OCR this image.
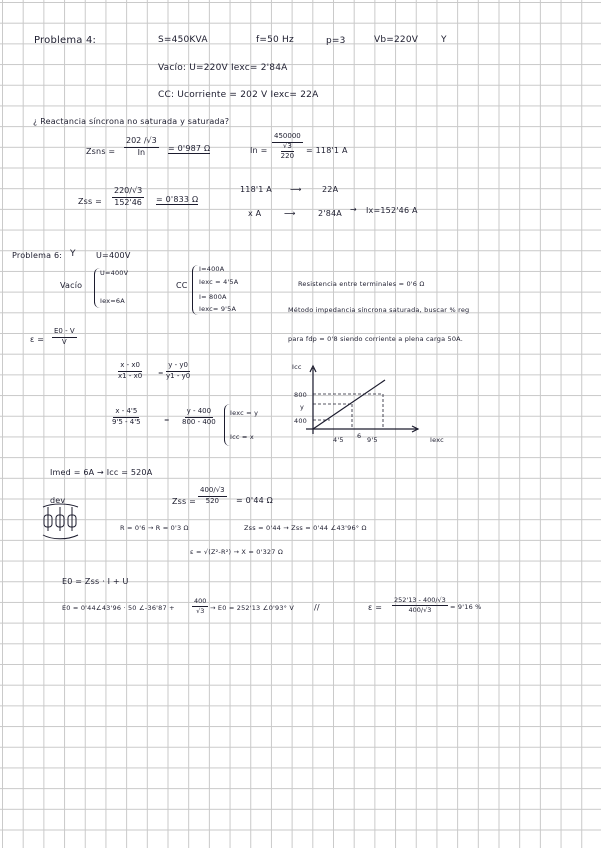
Problema 4:	S=450KVA	f=50 Hz	p=3	Vb=220V	Y
Vacío: U=220V Iexc= 2'84A
CC: Ucorriente = 202 V Iexc= 22A
¿ Reactancia síncrona no saturada y saturada?
Zsns = $\frac{202 /√3}{In} = 0'987$ Ω	In =
450000
√3
220
= 118'1 A
Zss = $\frac{220/√3}{152'46} = 0'833$ Ω
118'1 A ⟶	22A
x A	⟶	2'84A → Ix=152'46 A
Problema 6: Y	U=400V
Vacío
U=400V
Iex=6A
CC
I=400A
Iexc = 4'5A
I= 800A
Iexc= 9'5A
Resistencia entre terminales = 0'6 Ω
Método impedancia síncrona saturada, buscar % reg
para fdp = 0'8 siendo corriente a plena carga 50A.
$\varepsilon = \frac{E0 - V}{V}$
$\frac{x - x0}{x1 - x0} = \frac{y - y0}{y1 - y0}$
$\frac{x - 4'5}{9'5 - 4'5}$	= $\frac{y - 400}{800 - 400}$ Iexc = y
Icc = x
Icc
Iexc
800
y
400
4'5 6 9'5
Imed = 6A → Icc = 520A
dev	Zss = $\frac{400/√3}{520} = 0'44$ Ω
R = 0'6 → R = 0'3 Ω	Zss = 0'44 → Zss = 0'44 ∠43'96° Ω
ε = √(Z²-R²) → X = 0'327 Ω
E0 = Zss · I + U
E0 = 0'44∠43'96 · 50 ∠-36'87 +	$\frac{400}{√3} \to E0 = 252'13$ ∠0'93° V //	$\varepsilon = \frac{252'13 - 400/√3}{400/√3} = 9'16$ %
